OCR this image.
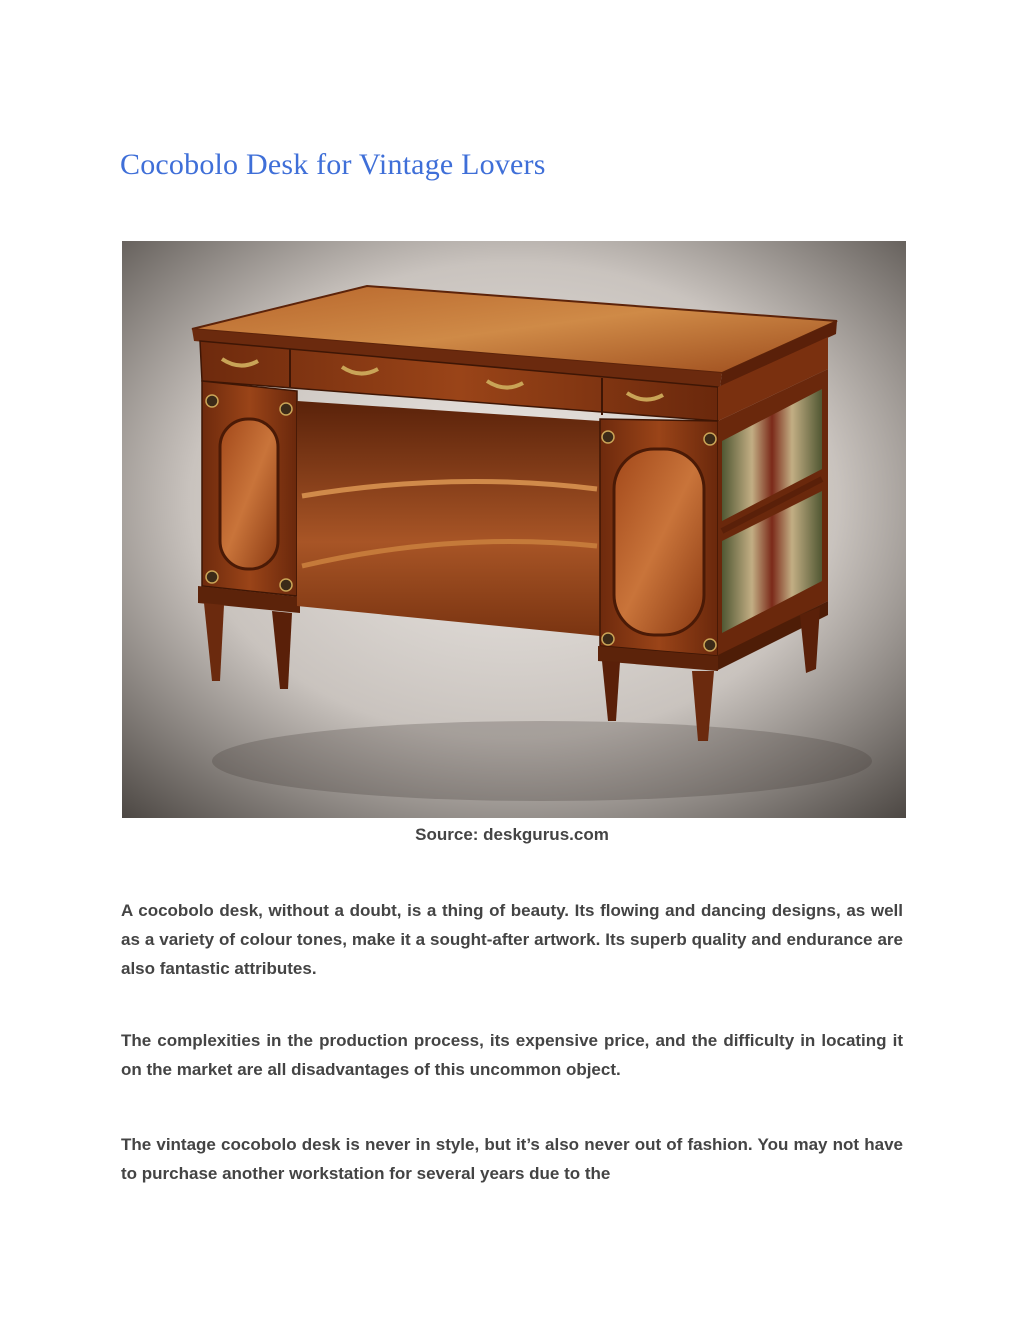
Cocobolo Desk for Vintage Lovers
Source: deskgurus.com

A cocobolo desk, without a doubt, is a thing of beauty. Its flowing and dancing designs, as well as a variety of colour tones, make it a sought-after artwork. Its superb quality and endurance are also fantastic attributes.

The complexities in the production process, its expensive price, and the difficulty in locating it on the market are all disadvantages of this uncommon object.

The vintage cocobolo desk is never in style, but it’s also never out of fashion. You may not have to purchase another workstation for several years due to the
